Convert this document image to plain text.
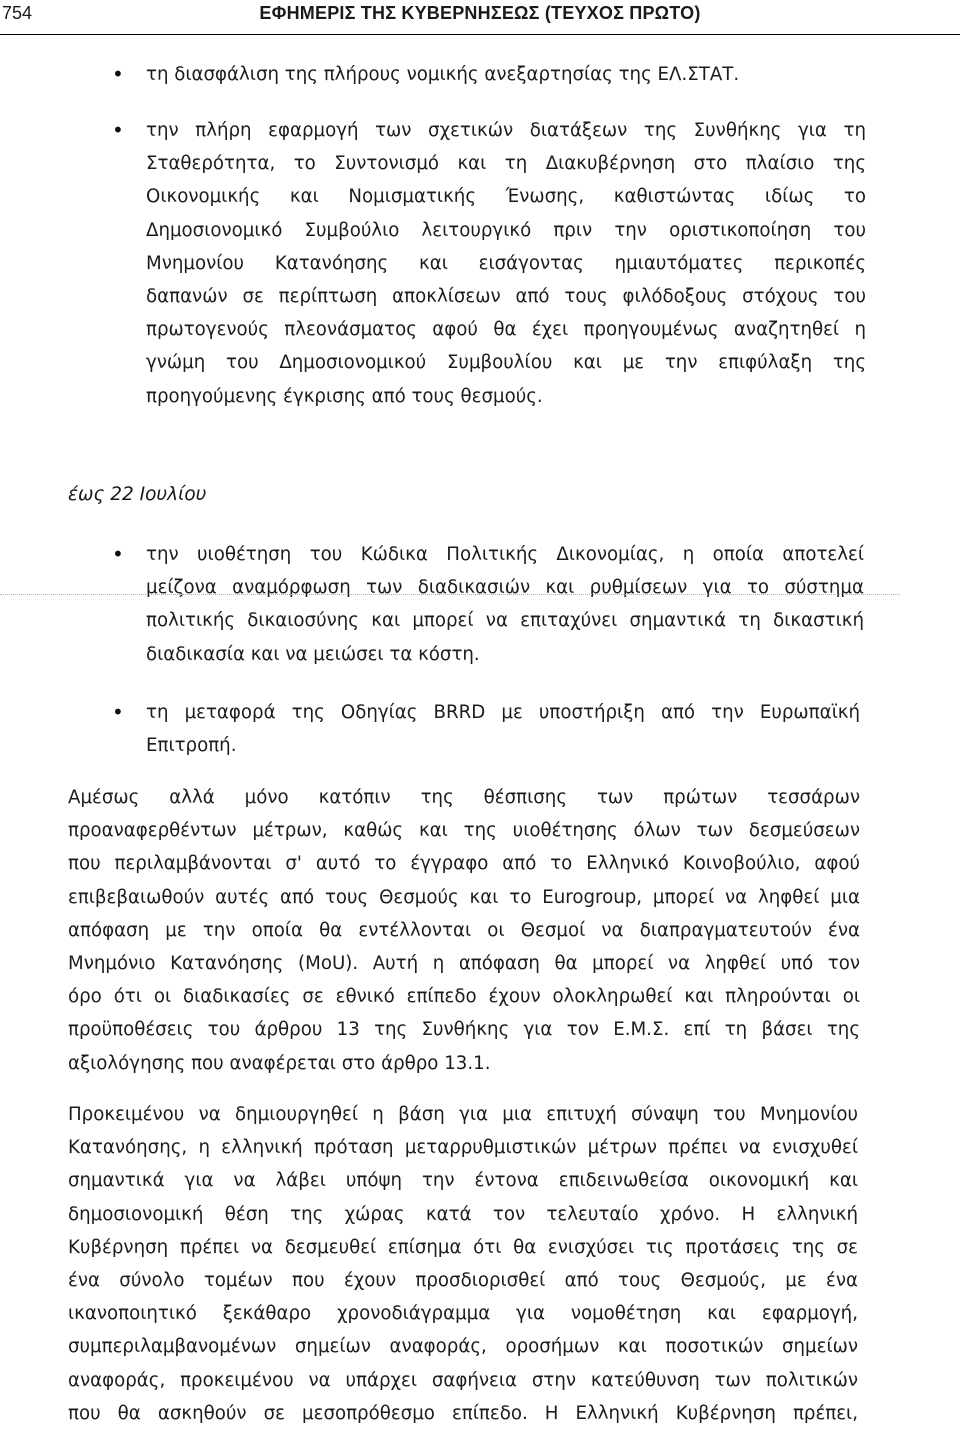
754	ΕΦΗΜΕΡΙΣ ΤΗΣ ΚΥΒΕΡΝΗΣΕΩΣ (ΤΕΥΧΟΣ ΠΡΩΤΟ)
• τη διασφάλιση της πλήρους νομικής ανεξαρτησίας της ΕΛ.ΣΤΑΤ.
• την πλήρη εφαρμογή των σχετικών διατάξεων της Συνθήκης για τη
Σταθερότητα, το Συντονισμό και τη Διακυβέρνηση στο πλαίσιο της
Οικονομικής και Νομισματικής Ένωσης, καθιστώντας ιδίως το
Δημοσιονομικό Συμβούλιο λειτουργικό πριν την οριστικοποίηση του
Μνημονίου Κατανόησης και εισάγοντας ημιαυτόματες περικοπές
δαπανών σε περίπτωση αποκλίσεων από τους φιλόδοξους στόχους του
πρωτογενούς πλεονάσματος αφού θα έχει προηγουμένως αναζητηθεί η
γνώμη του Δημοσιονομικού Συμβουλίου και με την επιφύλαξη της
προηγούμενης έγκρισης από τους θεσμούς.
έως 22 Ιουλίου
• την υιοθέτηση του Κώδικα Πολιτικής Δικονομίας, η οποία αποτελεί
μείζονα αναμόρφωση των διαδικασιών και ρυθμίσεων για το σύστημα
πολιτικής δικαιοσύνης και μπορεί να επιταχύνει σημαντικά τη δικαστική
διαδικασία και να μειώσει τα κόστη.
• τη μεταφορά της Οδηγίας BRRD με υποστήριξη από την Ευρωπαϊκή
Επιτροπή.
Αμέσως αλλά μόνο κατόπιν της θέσπισης των πρώτων τεσσάρων
προαναφερθέντων μέτρων, καθώς και της υιοθέτησης όλων των δεσμεύσεων
που περιλαμβάνονται σ' αυτό το έγγραφο από το Ελληνικό Κοινοβούλιο, αφού
επιβεβαιωθούν αυτές από τους Θεσμούς και το Eurogroup, μπορεί να ληφθεί μια
απόφαση με την οποία θα εντέλλονται οι Θεσμοί να διαπραγματευτούν ένα
Μνημόνιο Κατανόησης (MoU). Αυτή η απόφαση θα μπορεί να ληφθεί υπό τον
όρο ότι οι διαδικασίες σε εθνικό επίπεδο έχουν ολοκληρωθεί και πληρούνται οι
προϋποθέσεις του άρθρου 13 της Συνθήκης για τον Ε.Μ.Σ. επί τη βάσει της
αξιολόγησης που αναφέρεται στο άρθρο 13.1.
Προκειμένου να δημιουργηθεί η βάση για μια επιτυχή σύναψη του Μνημονίου
Κατανόησης, η ελληνική πρόταση μεταρρυθμιστικών μέτρων πρέπει να ενισχυθεί
σημαντικά για να λάβει υπόψη την έντονα επιδεινωθείσα οικονομική και
δημοσιονομική θέση της χώρας κατά τον τελευταίο χρόνο. Η ελληνική
Κυβέρνηση πρέπει να δεσμευθεί επίσημα ότι θα ενισχύσει τις προτάσεις της σε
ένα σύνολο τομέων που έχουν προσδιορισθεί από τους Θεσμούς, με ένα
ικανοποιητικό ξεκάθαρο χρονοδιάγραμμα για νομοθέτηση και εφαρμογή,
συμπεριλαμβανομένων σημείων αναφοράς, οροσήμων και ποσοτικών σημείων
αναφοράς, προκειμένου να υπάρχει σαφήνεια στην κατεύθυνση των πολιτικών
που θα ασκηθούν σε μεσοπρόθεσμο επίπεδο. Η Ελληνική Κυβέρνηση πρέπει,
